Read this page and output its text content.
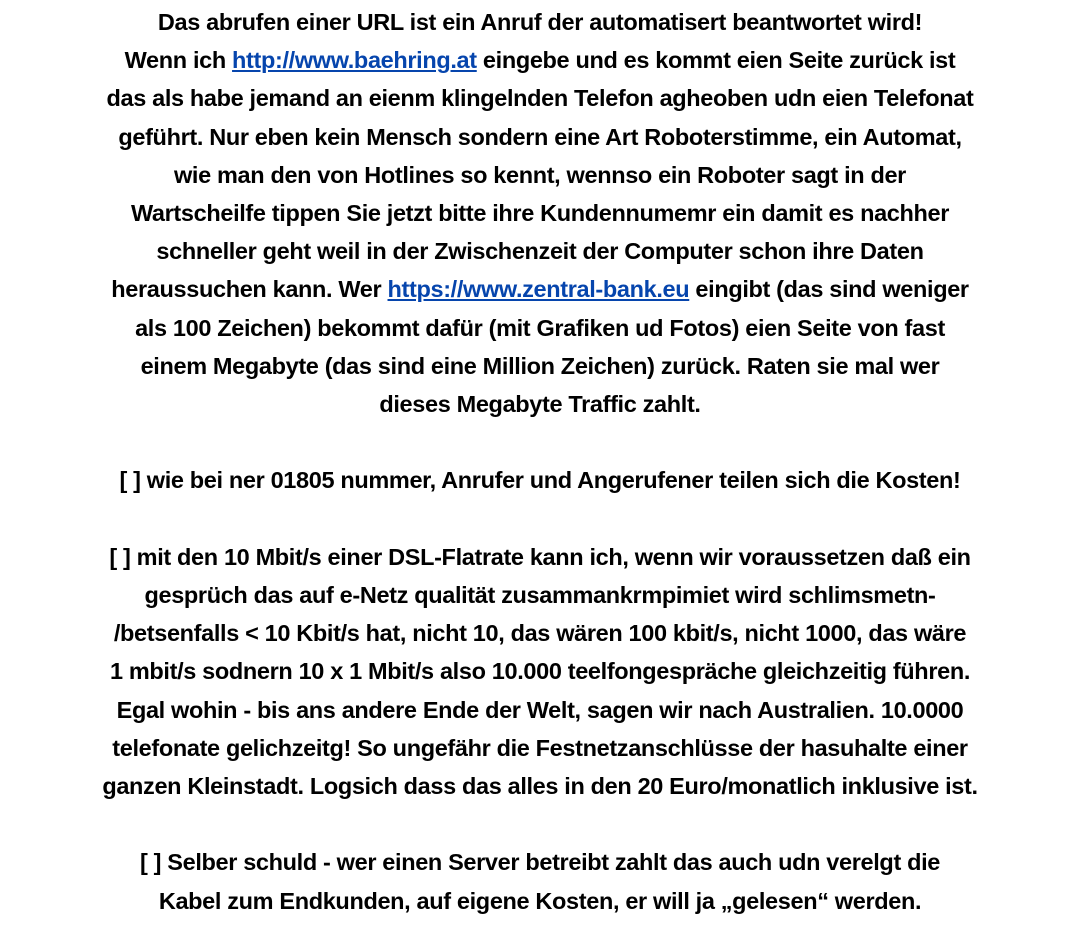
Das abrufen einer URL ist ein Anruf der automatisert beantwortet wird!
Wenn ich http://www.baehring.at eingebe und es kommt eien Seite zurück ist
das als habe jemand an eienm klingelnden Telefon agheoben udn eien Telefonat
geführt. Nur eben kein Mensch sondern eine Art Roboterstimme, ein Automat,
wie man den von Hotlines so kennt, wennso ein Roboter sagt in der
Wartscheilfe tippen Sie jetzt bitte ihre Kundennumemr ein damit es nachher
schneller geht weil in der Zwischenzeit der Computer schon ihre Daten
heraussuchen kann. Wer https://www.zentral-bank.eu eingibt (das sind weniger
als 100 Zeichen) bekommt dafür (mit Grafiken ud Fotos) eien Seite von fast
einem Megabyte (das sind eine Million Zeichen) zurück. Raten sie mal wer
dieses Megabyte Traffic zahlt.

[ ] wie bei ner 01805 nummer, Anrufer und Angerufener teilen sich die Kosten!

[ ] mit den 10 Mbit/s einer DSL-Flatrate kann ich, wenn wir voraussetzen daß ein
gesprüch das auf e-Netz qualität zusammankrmpimiet wird schlimsmetn-
/betsenfalls < 10 Kbit/s hat, nicht 10, das wären 100 kbit/s, nicht 1000, das wäre
1 mbit/s sodnern 10 x 1 Mbit/s also 10.000 teelfongespräche gleichzeitig führen.
Egal wohin - bis ans andere Ende der Welt, sagen wir nach Australien. 10.0000
telefonate gelichzeitg! So ungefähr die Festnetzanschlüsse der hasuhalte einer
ganzen Kleinstadt. Logsich dass das alles in den 20 Euro/monatlich inklusive ist.

[ ] Selber schuld - wer einen Server betreibt zahlt das auch udn verelgt die
Kabel zum Endkunden, auf eigene Kosten, er will ja „gelesen“ werden.
